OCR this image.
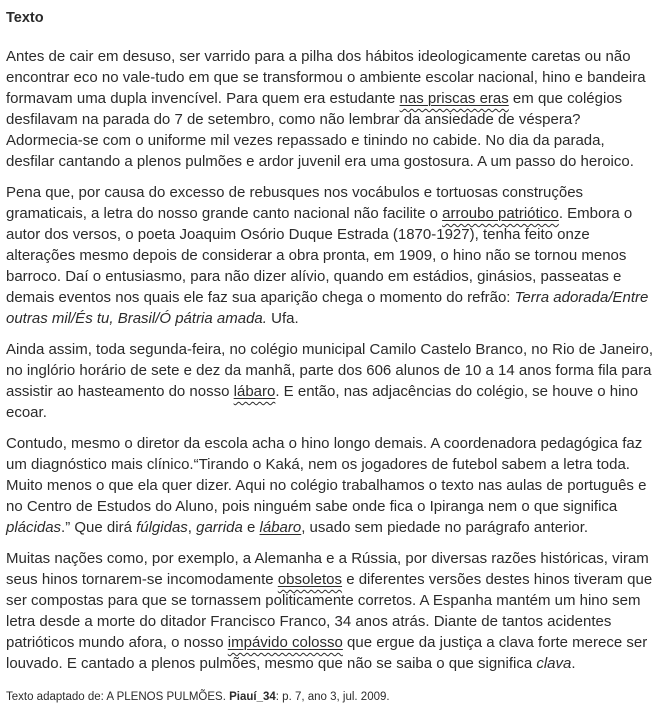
Texto

Antes de cair em desuso, ser varrido para a pilha dos hábitos ideologicamente caretas ou não encontrar eco no vale-tudo em que se transformou o ambiente escolar nacional, hino e bandeira formavam uma dupla invencível. Para quem era estudante nas priscas eras em que colégios desfilavam na parada do 7 de setembro, como não lembrar da ansiedade de véspera? Adormecia-se com o uniforme mil vezes repassado e tinindo no cabide. No dia da parada, desfilar cantando a plenos pulmões e ardor juvenil era uma gostosura. A um passo do heroico.

Pena que, por causa do excesso de rebusques nos vocábulos e tortuosas construções gramaticais, a letra do nosso grande canto nacional não facilite o arroubo patriótico. Embora o autor dos versos, o poeta Joaquim Osório Duque Estrada (1870-1927), tenha feito onze alterações mesmo depois de considerar a obra pronta, em 1909, o hino não se tornou menos barroco. Daí o entusiasmo, para não dizer alívio, quando em estádios, ginásios, passeatas e demais eventos nos quais ele faz sua aparição chega o momento do refrão: Terra adorada/Entre outras mil/És tu, Brasil/Ó pátria amada. Ufa.

Ainda assim, toda segunda-feira, no colégio municipal Camilo Castelo Branco, no Rio de Janeiro, no inglório horário de sete e dez da manhã, parte dos 606 alunos de 10 a 14 anos forma fila para assistir ao hasteamento do nosso lábaro. E então, nas adjacências do colégio, se houve o hino ecoar.

Contudo, mesmo o diretor da escola acha o hino longo demais. A coordenadora pedagógica faz um diagnóstico mais clínico.“Tirando o Kaká, nem os jogadores de futebol sabem a letra toda. Muito menos o que ela quer dizer. Aqui no colégio trabalhamos o texto nas aulas de português e no Centro de Estudos do Aluno, pois ninguém sabe onde fica o Ipiranga nem o que significa plácidas.” Que dirá fúlgidas, garrida e lábaro, usado sem piedade no parágrafo anterior.

Muitas nações como, por exemplo, a Alemanha e a Rússia, por diversas razões históricas, viram seus hinos tornarem-se incomodamente obsoletos e diferentes versões destes hinos tiveram que ser compostas para que se tornassem politicamente corretos. A Espanha mantém um hino sem letra desde a morte do ditador Francisco Franco, 34 anos atrás. Diante de tantos acidentes patrióticos mundo afora, o nosso impávido colosso que ergue da justiça a clava forte merece ser louvado. E cantado a plenos pulmões, mesmo que não se saiba o que significa clava.

Texto adaptado de: A PLENOS PULMÕES. Piauí_34: p. 7, ano 3, jul. 2009.
